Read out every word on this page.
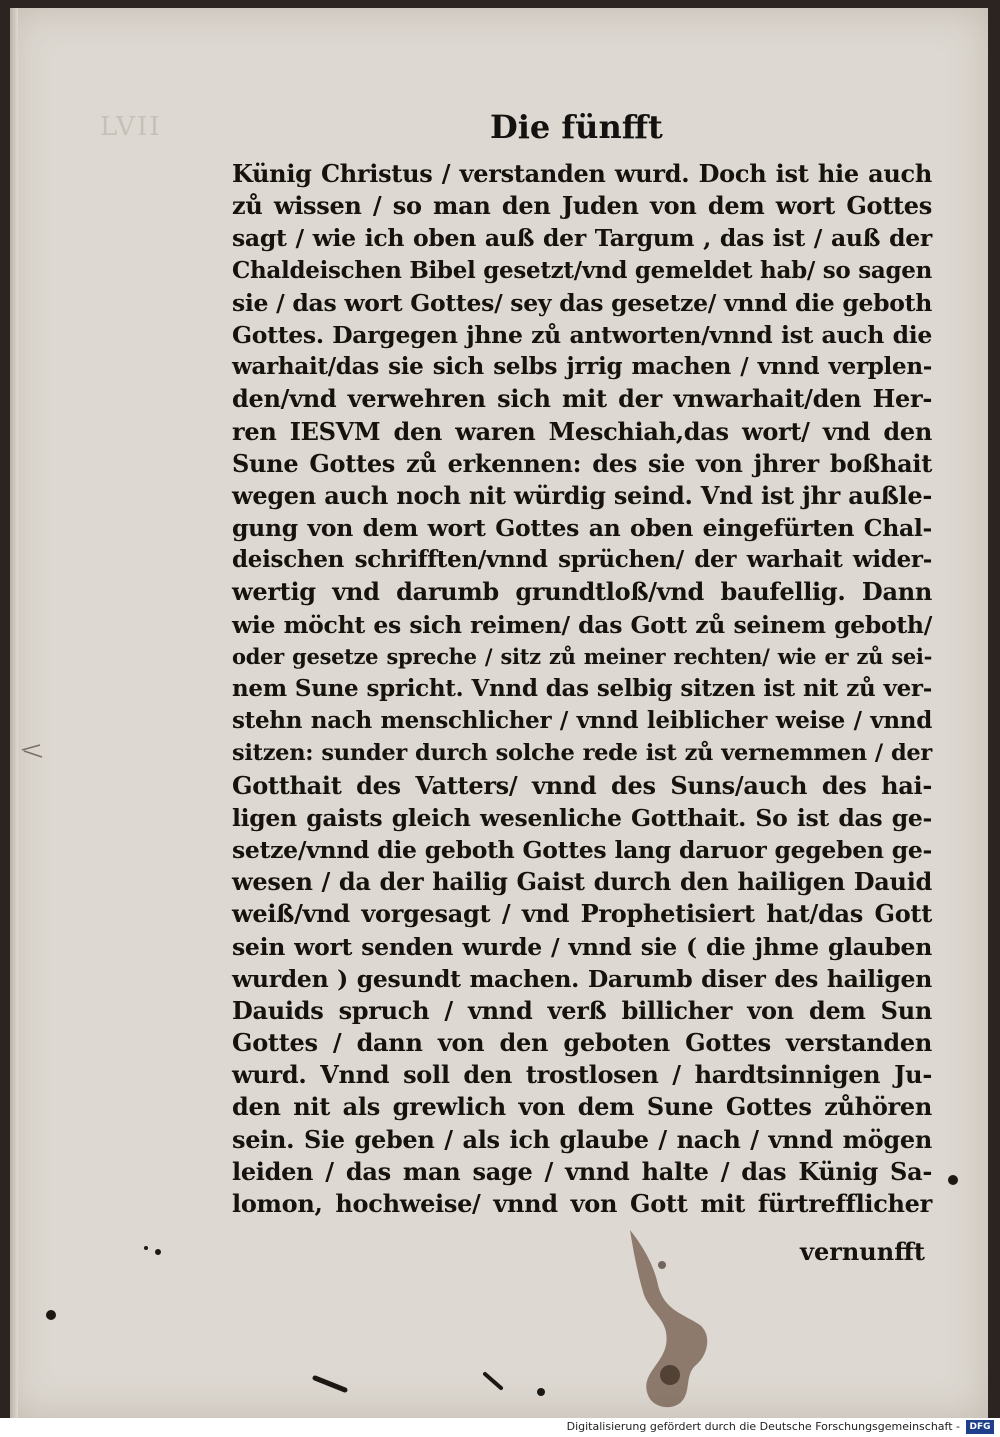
LVII	Die fünfft
Künig Christus / verstanden wurd. Doch ist hie auch
zů wissen / so man den Juden von dem wort Gottes
sagt / wie ich oben auß der Targum , das ist / auß der
Chaldeischen Bibel gesetzt/vnd gemeldet hab/ so sagen
sie / das wort Gottes/ sey das gesetze/ vnnd die geboth
Gottes. Dargegen jhne zů antworten/vnnd ist auch die
warhait/das sie sich selbs jrrig machen / vnnd verplen-
den/vnd verwehren sich mit der vnwarhait/den Her-
ren IESVM den waren Meschiah,das wort/ vnd den
Sune Gottes zů erkennen: des sie von jhrer boßhait
wegen auch noch nit würdig seind. Vnd ist jhr außle-
gung von dem wort Gottes an oben eingefürten Chal-
deischen schrifften/vnnd sprüchen/ der warhait wider-
wertig vnd darumb grundtloß/vnd baufellig. Dann
wie möcht es sich reimen/ das Gott zů seinem geboth/
oder gesetze spreche / sitz zů meiner rechten/ wie er zů sei-
nem Sune spricht. Vnnd das selbig sitzen ist nit zů ver-
stehn nach menschlicher / vnnd leiblicher weise / vnnd
sitzen: sunder durch solche rede ist zů vernemmen / der
Gotthait des Vatters/ vnnd des Suns/auch des hai-
ligen gaists gleich wesenliche Gotthait. So ist das ge-
setze/vnnd die geboth Gottes lang daruor gegeben ge-
wesen / da der hailig Gaist durch den hailigen Dauid
weiß/vnd vorgesagt / vnd Prophetisiert hat/das Gott
sein wort senden wurde / vnnd sie ( die jhme glauben
wurden ) gesundt machen. Darumb diser des hailigen
Dauids spruch / vnnd verß billicher von dem Sun
Gottes / dann von den geboten Gottes verstanden
wurd. Vnnd soll den trostlosen / hardtsinnigen Ju-
den nit als grewlich von dem Sune Gottes zůhören
sein. Sie geben / als ich glaube / nach / vnnd mögen
leiden / das man sage / vnnd halte / das Künig Sa-
lomon, hochweise/ vnnd von Gott mit fürtrefflicher
vernunfft
Digitalisierung gefördert durch die Deutsche Forschungsgemeinschaft -	DFG
